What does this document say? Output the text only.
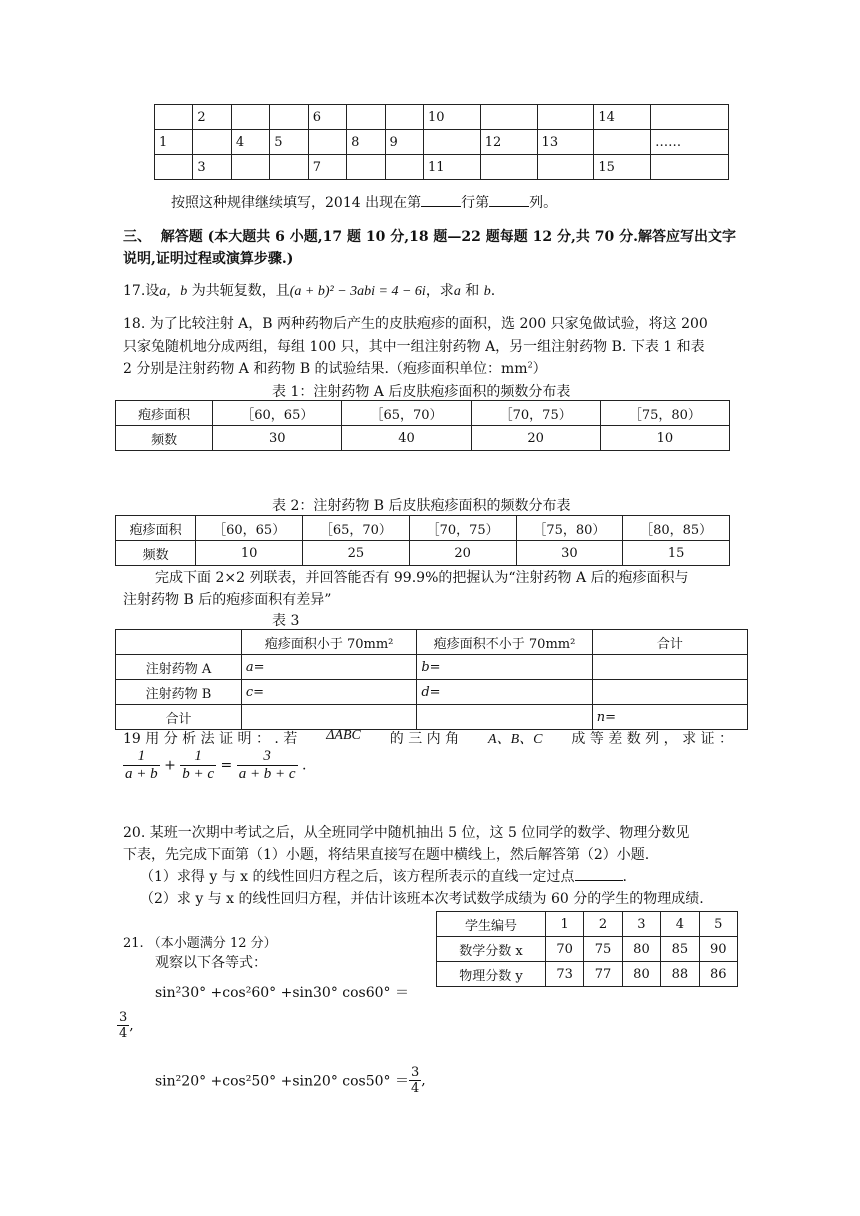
	2			6			10			14	
1		4	5		8	9		12	13		……
	3			7			11			15	
按照这种规律继续填写，2014 出现在第	行第	列。
三、 解答题 (本大题共 6 小题,17 题 10 分,18 题—22 题每题 12 分,共 70 分.解答应写出文字
说明,证明过程或演算步骤.)
17.设a，b 为共轭复数，且(a + b)² − 3abi = 4 − 6i，求a 和 b.
18. 为了比较注射 A，B 两种药物后产生的皮肤疱疹的面积，选 200 只家兔做试验，将这 200
只家兔随机地分成两组，每组 100 只，其中一组注射药物 A，另一组注射药物 B. 下表 1 和表
2 分别是注射药物 A 和药物 B 的试验结果.（疱疹面积单位：$mm^2$）
表 1：注射药物 A 后皮肤疱疹面积的频数分布表
疱疹面积	［60，65）	［65，70）	［70，75）	［75，80）
频数	30	40	20	10
表 2：注射药物 B 后皮肤疱疹面积的频数分布表
疱疹面积	［60，65）	［65，70）	［70，75）	［75，80）	［80，85）
频数	10	25	20	30	15
完成下面 2×2 列联表，并回答能否有 99.9%的把握认为“注射药物 A 后的疱疹面积与
注射药物 B 后的疱疹面积有差异”
表 3
	疱疹面积小于 70mm²	疱疹面积不小于 70mm²	合计
注射药物 A	a=	b=	
注射药物 B	c=	d=	
合计			n=
19 用 分 析 法 证 明 ： . 若 ΔABC 的 三 内 角 A、B、C 成 等 差 数 列 ， 求 证 ：
$\frac{1}{a + b} + \frac{1}{b + c} = \frac{3}{a + b + c}$ .
20. 某班一次期中考试之后，从全班同学中随机抽出 5 位，这 5 位同学的数学、物理分数见
下表，先完成下面第（1）小题，将结果直接写在题中横线上，然后解答第（2）小题.
（1）求得 y 与 x 的线性回归方程之后，该方程所表示的直线一定过点	.
（2）求 y 与 x 的线性回归方程，并估计该班本次考试数学成绩为 60 分的学生的物理成绩.
学生编号	1	2	3	4	5
数学分数 x	70	75	80	85	90
物理分数 y	73	77	80	88	86
21. （本小题满分 12 分）
观察以下各等式：
sin²30° +cos²60° +sin30° cos60° ＝
$\frac{3}{4}$ ,
sin²20° +cos²50° +sin20° $\cos 50^\circ = \frac{3}{4}$ ,
